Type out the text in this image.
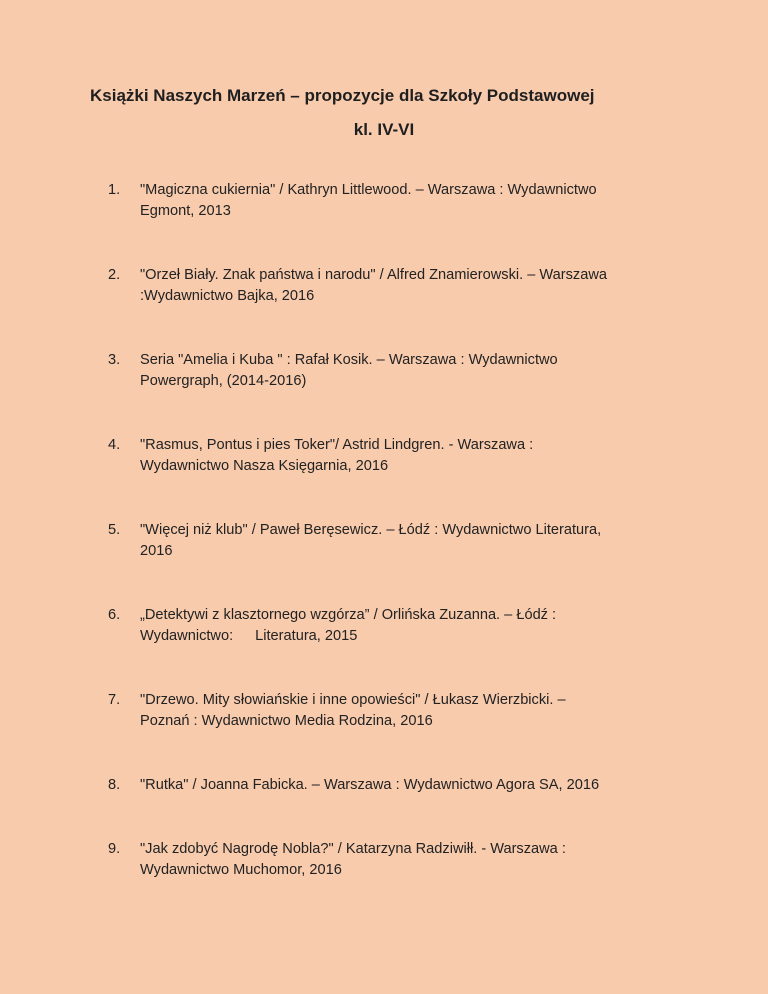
Książki Naszych Marzeń – propozycje dla Szkoły Podstawowej
kl. IV-VI
1. "Magiczna cukiernia" / Kathryn Littlewood. – Warszawa : Wydawnictwo
Egmont, 2013
2. "Orzeł Biały. Znak państwa i narodu" / Alfred Znamierowski. – Warszawa
:Wydawnictwo Bajka, 2016
3. Seria "Amelia i Kuba " : Rafał Kosik. – Warszawa : Wydawnictwo
Powergraph, (2014-2016)
4. "Rasmus, Pontus i pies Toker"/ Astrid Lindgren. - Warszawa :
Wydawnictwo Nasza Księgarnia, 2016
5. "Więcej niż klub" / Paweł Beręsewicz. – Łódź : Wydawnictwo Literatura,
2016
6. „Detektywi z klasztornego wzgórza” / Orlińska Zuzanna. – Łódź :
Wydawnictwo: Literatura, 2015
7. "Drzewo. Mity słowiańskie i inne opowieści" / Łukasz Wierzbicki. –
Poznań : Wydawnictwo Media Rodzina, 2016
8. "Rutka" / Joanna Fabicka. – Warszawa : Wydawnictwo Agora SA, 2016
9. "Jak zdobyć Nagrodę Nobla?" / Katarzyna Radziwiłł. - Warszawa :
Wydawnictwo Muchomor, 2016
